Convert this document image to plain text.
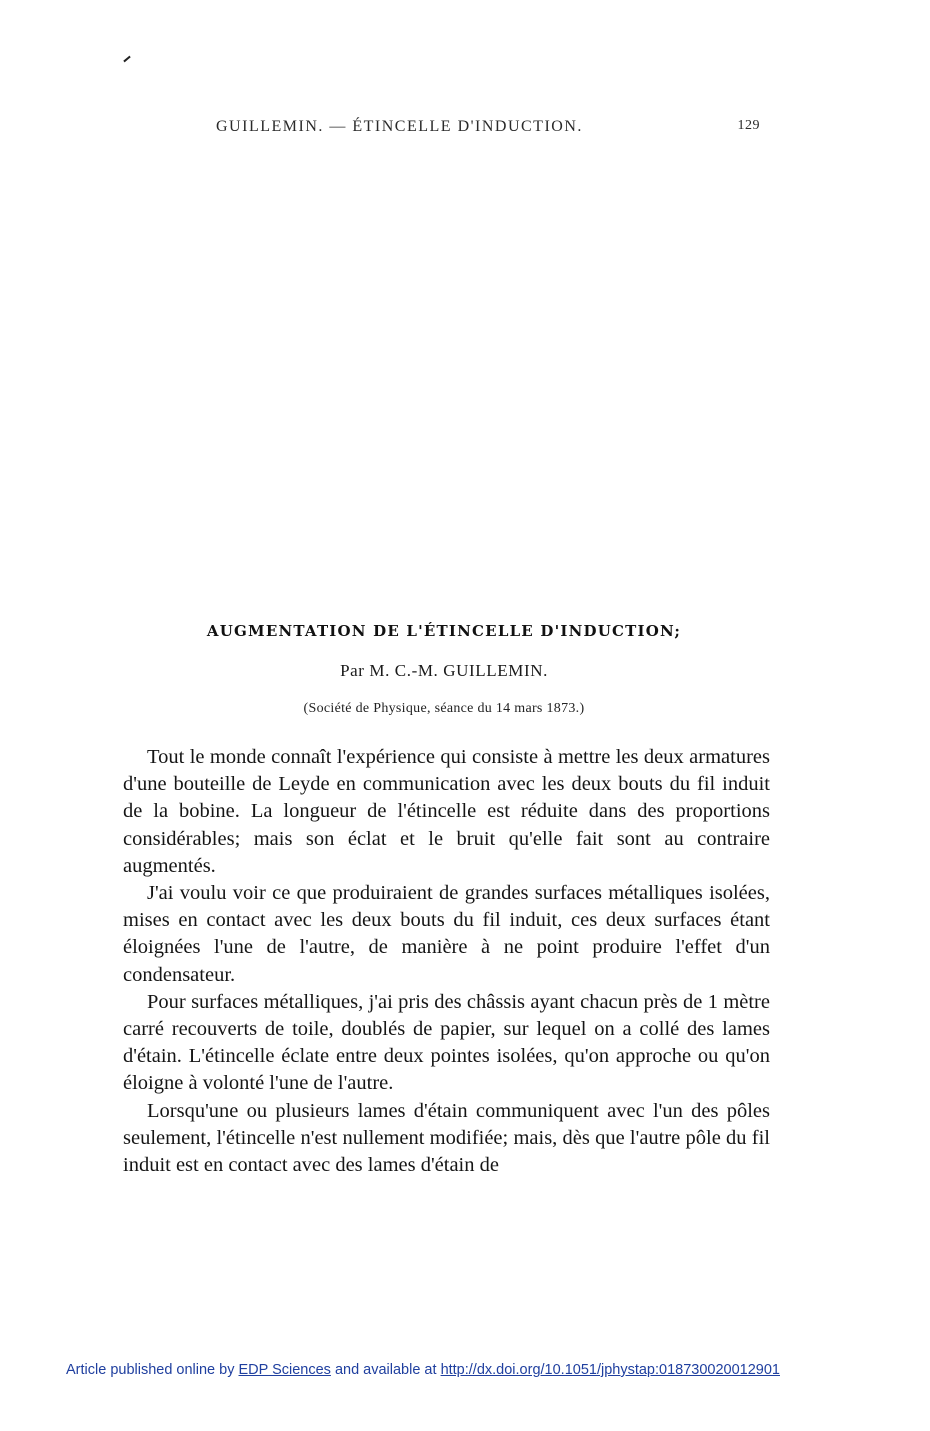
GUILLEMIN. — ÉTINCELLE D'INDUCTION.	129
AUGMENTATION DE L'ÉTINCELLE D'INDUCTION;
Par M. C.-M. GUILLEMIN.
(Société de Physique, séance du 14 mars 1873.)

Tout le monde connaît l'expérience qui consiste à mettre les deux armatures d'une bouteille de Leyde en communication avec les deux bouts du fil induit de la bobine. La longueur de l'étincelle est réduite dans des proportions considérables; mais son éclat et le bruit qu'elle fait sont au contraire augmentés.

J'ai voulu voir ce que produiraient de grandes surfaces métalliques isolées, mises en contact avec les deux bouts du fil induit, ces deux surfaces étant éloignées l'une de l'autre, de manière à ne point produire l'effet d'un condensateur.

Pour surfaces métalliques, j'ai pris des châssis ayant chacun près de 1 mètre carré recouverts de toile, doublés de papier, sur lequel on a collé des lames d'étain. L'étincelle éclate entre deux pointes isolées, qu'on approche ou qu'on éloigne à volonté l'une de l'autre.

Lorsqu'une ou plusieurs lames d'étain communiquent avec l'un des pôles seulement, l'étincelle n'est nullement modifiée; mais, dès que l'autre pôle du fil induit est en contact avec des lames d'étain de

Article published online by EDP Sciences and available at http://dx.doi.org/10.1051/jphystap:018730020012901
